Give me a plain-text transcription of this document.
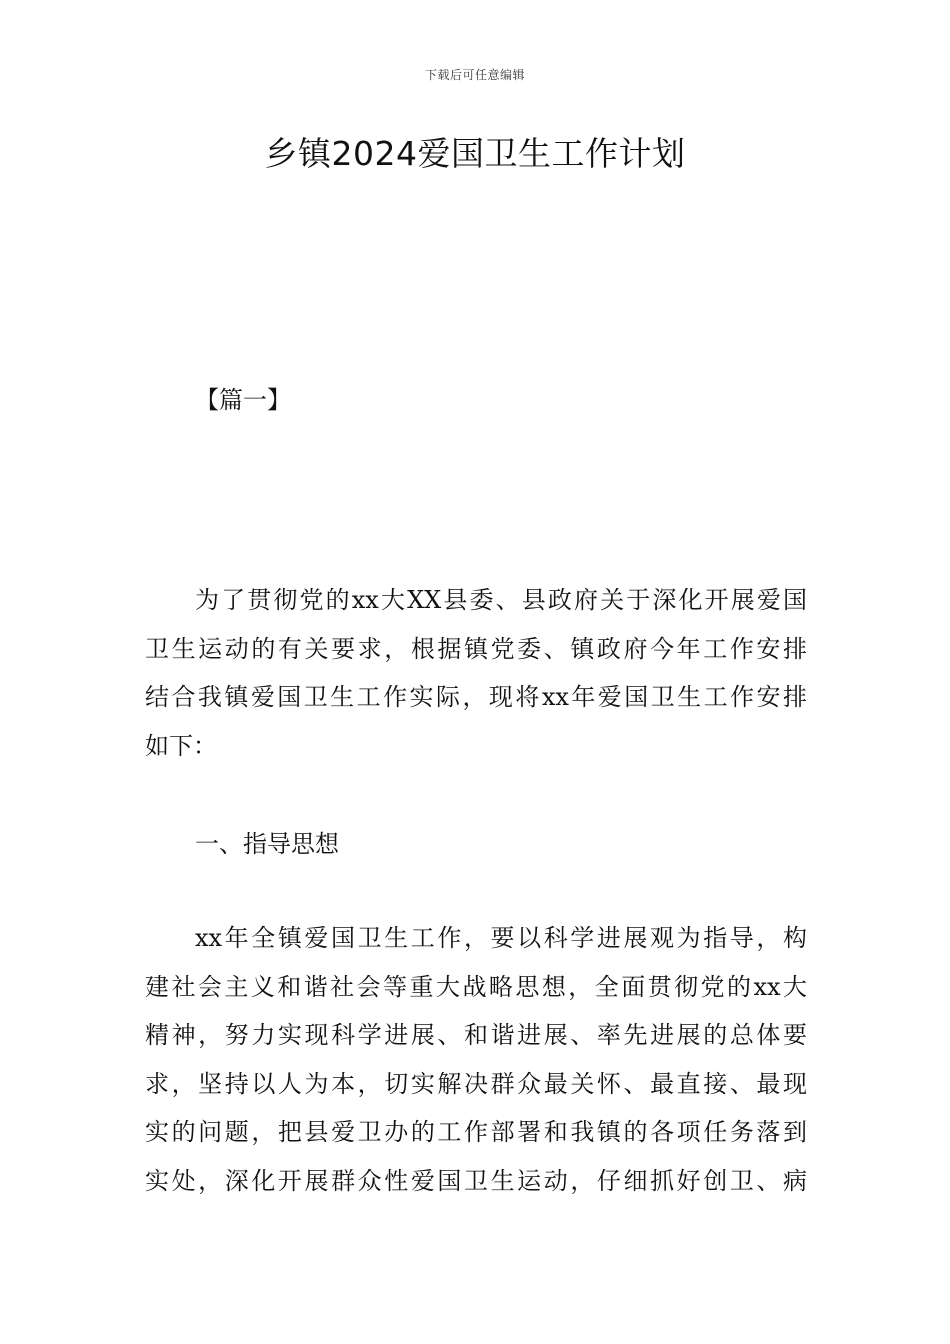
下载后可任意编辑
乡镇2024爱国卫生工作计划
【篇一】
为了贯彻党的xx大XX县委、县政府关于深化开展爱国
卫生运动的有关要求，根据镇党委、镇政府今年工作安排
结合我镇爱国卫生工作实际，现将xx年爱国卫生工作安排
如下：
一、指导思想
xx年全镇爱国卫生工作，要以科学进展观为指导，构
建社会主义和谐社会等重大战略思想，全面贯彻党的xx大
精神，努力实现科学进展、和谐进展、率先进展的总体要
求，坚持以人为本，切实解决群众最关怀、最直接、最现
实的问题，把县爱卫办的工作部署和我镇的各项任务落到
实处，深化开展群众性爱国卫生运动，仔细抓好创卫、病
